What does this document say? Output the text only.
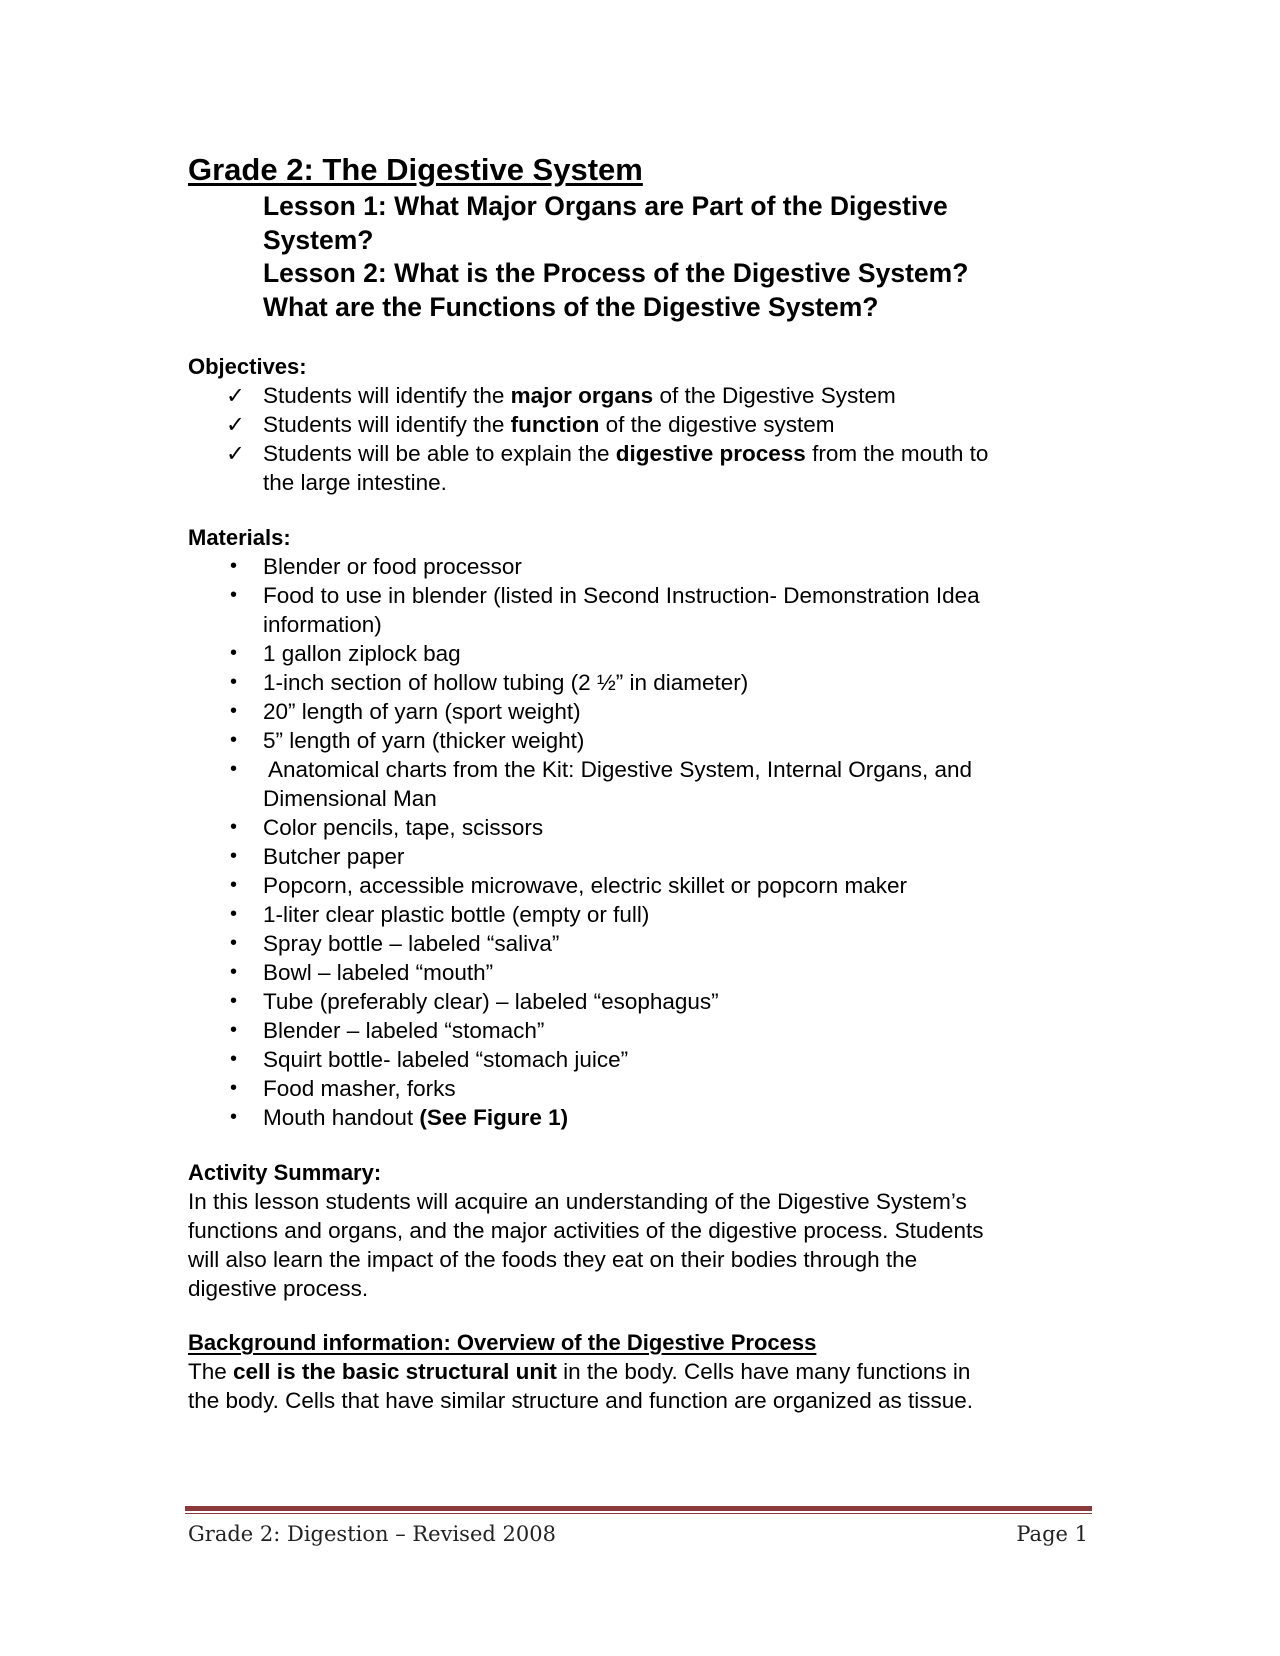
Grade 2: The Digestive System
Lesson 1: What Major Organs are Part of the Digestive
System?
Lesson 2: What is the Process of the Digestive System?
What are the Functions of the Digestive System?
Objectives:
✓ Students will identify the major organs of the Digestive System
✓ Students will identify the function of the digestive system
✓ Students will be able to explain the digestive process from the mouth to
the large intestine.
Materials:
•	Blender or food processor
•	Food to use in blender (listed in Second Instruction- Demonstration Idea
information)
•	1 gallon ziplock bag
•	1-inch section of hollow tubing (2 ½” in diameter)
•	20” length of yarn (sport weight)
•	5” length of yarn (thicker weight)
•	Anatomical charts from the Kit: Digestive System, Internal Organs, and
Dimensional Man
•	Color pencils, tape, scissors
•	Butcher paper
•	Popcorn, accessible microwave, electric skillet or popcorn maker
•	1-liter clear plastic bottle (empty or full)
•	Spray bottle – labeled “saliva”
•	Bowl – labeled “mouth”
•	Tube (preferably clear) – labeled “esophagus”
•	Blender – labeled “stomach”
•	Squirt bottle- labeled “stomach juice”
•	Food masher, forks
•	Mouth handout (See Figure 1)
Activity Summary:

In this lesson students will acquire an understanding of the Digestive System’s

functions and organs, and the major activities of the digestive process. Students

will also learn the impact of the foods they eat on their bodies through the

digestive process.

Background information: Overview of the Digestive Process

The cell is the basic structural unit in the body. Cells have many functions in

the body. Cells that have similar structure and function are organized as tissue.

Grade 2: Digestion – Revised 2008	Page 1
